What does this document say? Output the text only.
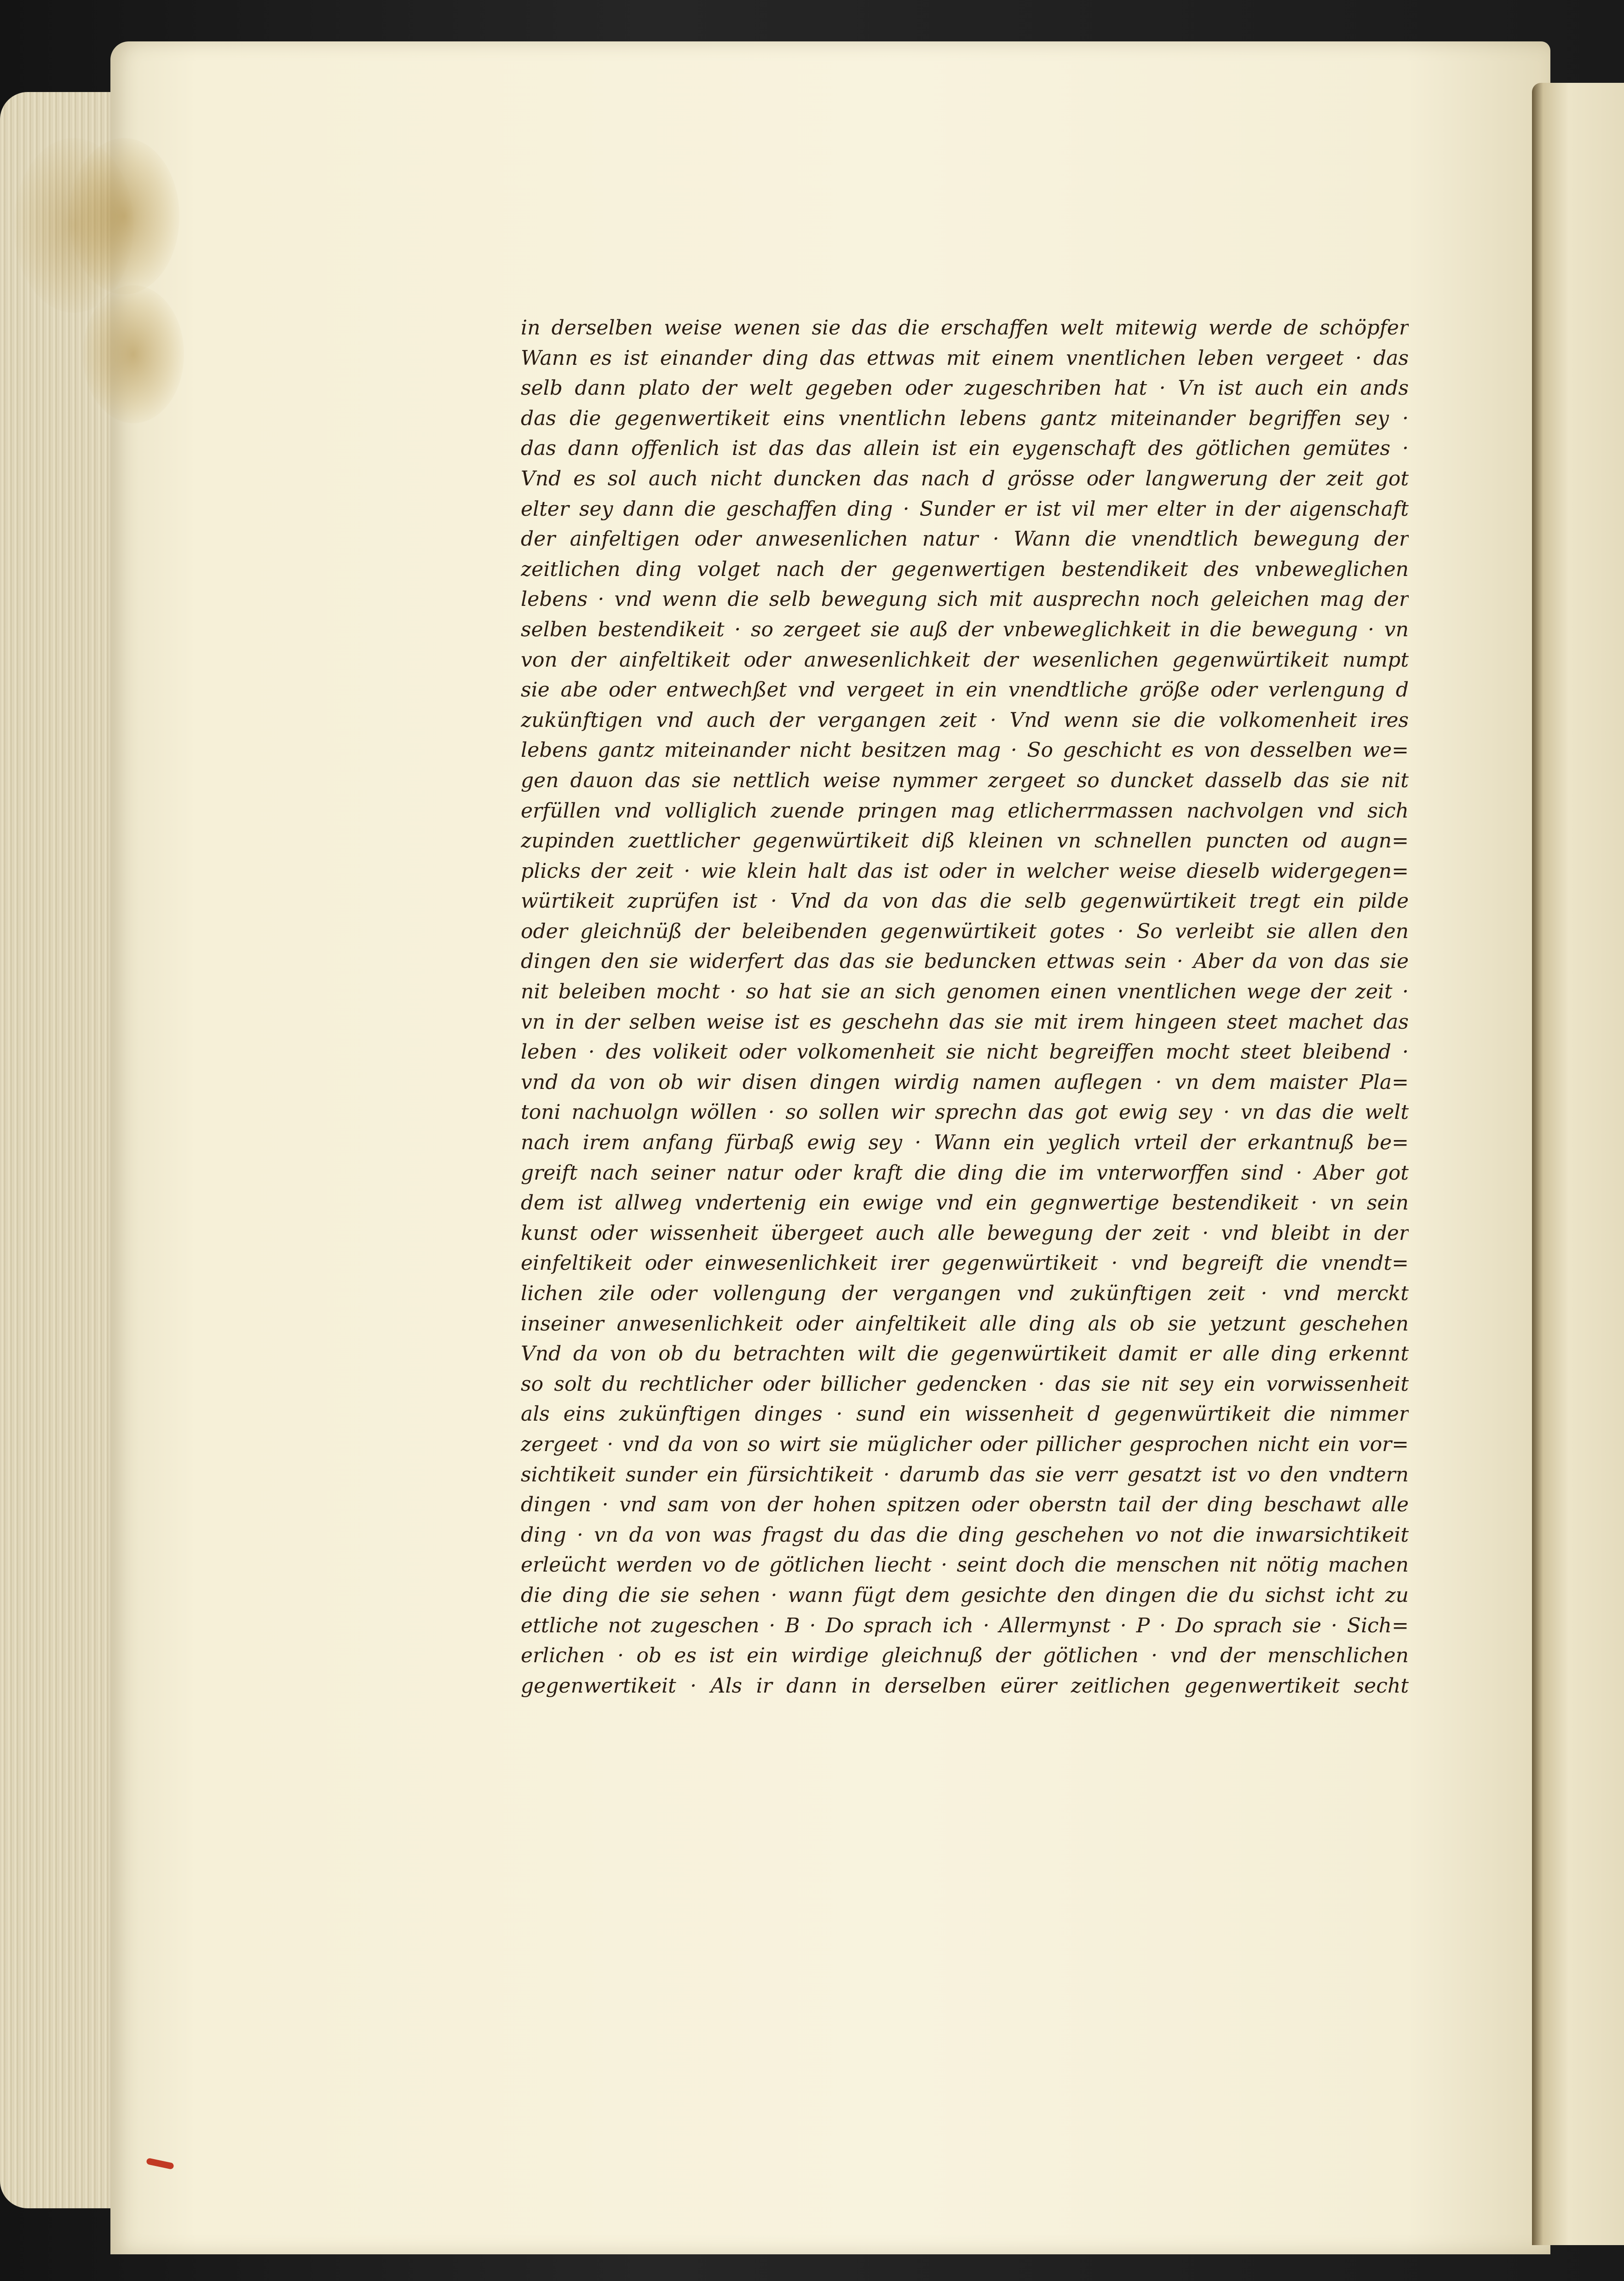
in derselben weise wenen sie das die erschaffen welt mitewig werde de schöpfer
Wann es ist einander ding das ettwas mit einem vnentlichen leben vergeet · das
selb dann plato der welt gegeben oder zugeschriben hat · Vn ist auch ein ands
das die gegenwertikeit eins vnentlichn lebens gantz miteinander begriffen sey ·
das dann offenlich ist das das allein ist ein eygenschaft des götlichen gemütes ·
Vnd es sol auch nicht duncken das nach d grösse oder langwerung der zeit got
elter sey dann die geschaffen ding · Sunder er ist vil mer elter in der aigenschaft
der ainfeltigen oder anwesenlichen natur · Wann die vnendtlich bewegung der
zeitlichen ding volget nach der gegenwertigen bestendikeit des vnbeweglichen
lebens · vnd wenn die selb bewegung sich mit ausprechn noch geleichen mag der
selben bestendikeit · so zergeet sie auß der vnbeweglichkeit in die bewegung · vn
von der ainfeltikeit oder anwesenlichkeit der wesenlichen gegenwürtikeit numpt
sie abe oder entwechßet vnd vergeet in ein vnendtliche größe oder verlengung d
zukünftigen vnd auch der vergangen zeit · Vnd wenn sie die volkomenheit ires
lebens gantz miteinander nicht besitzen mag · So geschicht es von desselben we=
gen dauon das sie nettlich weise nymmer zergeet so duncket dasselb das sie nit
erfüllen vnd volliglich zuende pringen mag etlicherrmassen nachvolgen vnd sich
zupinden zuettlicher gegenwürtikeit diß kleinen vn schnellen puncten od augn=
plicks der zeit · wie klein halt das ist oder in welcher weise dieselb widergegen=
würtikeit zuprüfen ist · Vnd da von das die selb gegenwürtikeit tregt ein pilde
oder gleichnüß der beleibenden gegenwürtikeit gotes · So verleibt sie allen den
dingen den sie widerfert das das sie beduncken ettwas sein · Aber da von das sie
nit beleiben mocht · so hat sie an sich genomen einen vnentlichen wege der zeit ·
vn in der selben weise ist es geschehn das sie mit irem hingeen steet machet das
leben · des volikeit oder volkomenheit sie nicht begreiffen mocht steet bleibend ·
vnd da von ob wir disen dingen wirdig namen auflegen · vn dem maister Pla=
toni nachuolgn wöllen · so sollen wir sprechn das got ewig sey · vn das die welt
nach irem anfang fürbaß ewig sey · Wann ein yeglich vrteil der erkantnuß be=
greift nach seiner natur oder kraft die ding die im vnterworffen sind · Aber got
dem ist allweg vndertenig ein ewige vnd ein gegnwertige bestendikeit · vn sein
kunst oder wissenheit übergeet auch alle bewegung der zeit · vnd bleibt in der
einfeltikeit oder einwesenlichkeit irer gegenwürtikeit · vnd begreift die vnendt=
lichen zile oder vollengung der vergangen vnd zukünftigen zeit · vnd merckt
inseiner anwesenlichkeit oder ainfeltikeit alle ding als ob sie yetzunt geschehen
Vnd da von ob du betrachten wilt die gegenwürtikeit damit er alle ding erkennt
so solt du rechtlicher oder billicher gedencken · das sie nit sey ein vorwissenheit
als eins zukünftigen dinges · sund ein wissenheit d gegenwürtikeit die nimmer
zergeet · vnd da von so wirt sie müglicher oder pillicher gesprochen nicht ein vor=
sichtikeit sunder ein fürsichtikeit · darumb das sie verr gesatzt ist vo den vndtern
dingen · vnd sam von der hohen spitzen oder oberstn tail der ding beschawt alle
ding · vn da von was fragst du das die ding geschehen vo not die inwarsichtikeit
erleücht werden vo de götlichen liecht · seint doch die menschen nit nötig machen
die ding die sie sehen · wann fügt dem gesichte den dingen die du sichst icht zu
ettliche not zugeschen · B · Do sprach ich · Allermynst · P · Do sprach sie · Sich=
erlichen · ob es ist ein wirdige gleichnuß der götlichen · vnd der menschlichen
gegenwertikeit · Als ir dann in derselben eürer zeitlichen gegenwertikeit secht
